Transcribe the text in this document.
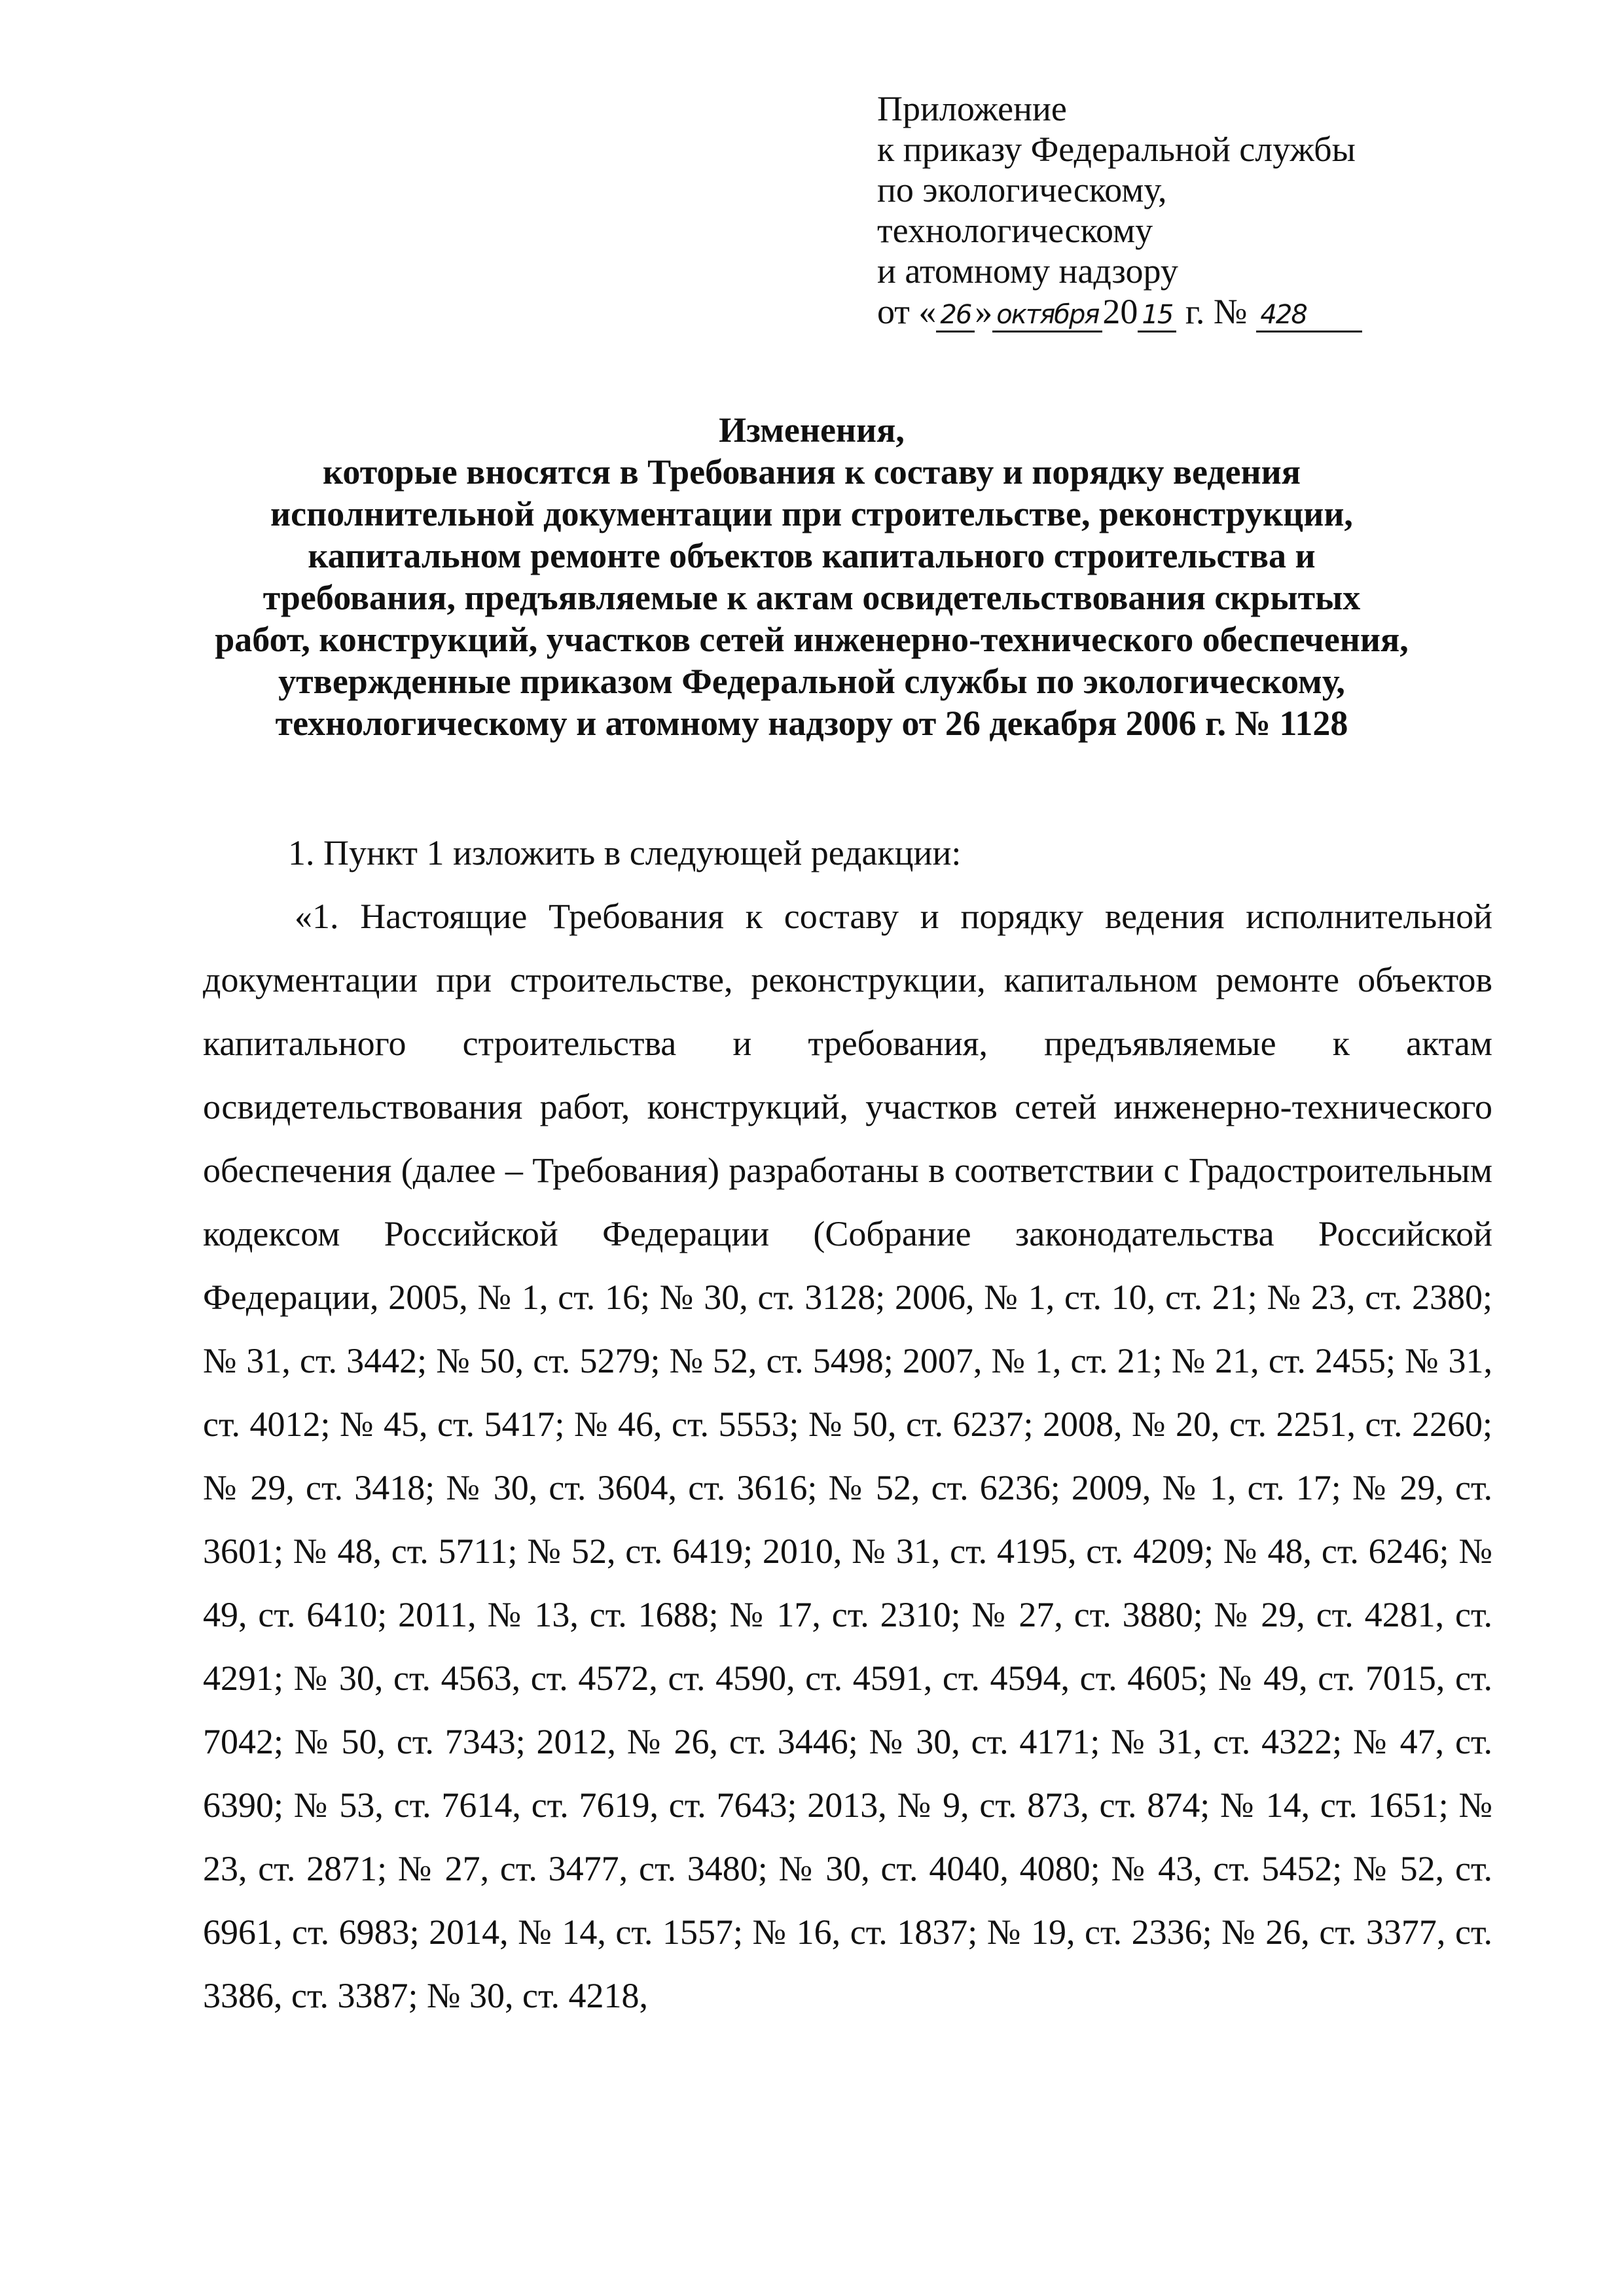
Приложение
к приказу Федеральной службы
по экологическому,
технологическому
и атомному надзору
от « 26 » октября 20 15 г. № 428
Изменения,
которые вносятся в Требования к составу и порядку ведения
исполнительной документации при строительстве, реконструкции,
капитальном ремонте объектов капитального строительства и
требования, предъявляемые к актам освидетельствования скрытых
работ, конструкций, участков сетей инженерно-технического обеспечения,
утвержденные приказом Федеральной службы по экологическому,
технологическому и атомному надзору от 26 декабря 2006 г. № 1128
1. Пункт 1 изложить в следующей редакции:
«1. Настоящие Требования к составу и порядку ведения исполнительной документации при строительстве, реконструкции, капитальном ремонте объектов капитального строительства и требования, предъявляемые к актам освидетельствования работ, конструкций, участков сетей инженерно-технического обеспечения (далее – Требования) разработаны в соответствии с Градостроительным кодексом Российской Федерации (Собрание законодательства Российской Федерации, 2005, № 1, ст. 16; № 30, ст. 3128; 2006, № 1, ст. 10, ст. 21; № 23, ст. 2380; № 31, ст. 3442; № 50, ст. 5279; № 52, ст. 5498; 2007, № 1, ст. 21; № 21, ст. 2455; № 31, ст. 4012; № 45, ст. 5417; № 46, ст. 5553; № 50, ст. 6237; 2008, № 20, ст. 2251, ст. 2260; № 29, ст. 3418; № 30, ст. 3604, ст. 3616; № 52, ст. 6236; 2009, № 1, ст. 17; № 29, ст. 3601; № 48, ст. 5711; № 52, ст. 6419; 2010, № 31, ст. 4195, ст. 4209; № 48, ст. 6246; № 49, ст. 6410; 2011, № 13, ст. 1688; № 17, ст. 2310; № 27, ст. 3880; № 29, ст. 4281, ст. 4291; № 30, ст. 4563, ст. 4572, ст. 4590, ст. 4591, ст. 4594, ст. 4605; № 49, ст. 7015, ст. 7042; № 50, ст. 7343; 2012, № 26, ст. 3446; № 30, ст. 4171; № 31, ст. 4322; № 47, ст. 6390; № 53, ст. 7614, ст. 7619, ст. 7643; 2013, № 9, ст. 873, ст. 874; № 14, ст. 1651; № 23, ст. 2871; № 27, ст. 3477, ст. 3480; № 30, ст. 4040, 4080; № 43, ст. 5452; № 52, ст. 6961, ст. 6983; 2014, № 14, ст. 1557; № 16, ст. 1837; № 19, ст. 2336; № 26, ст. 3377, ст. 3386, ст. 3387; № 30, ст. 4218,
